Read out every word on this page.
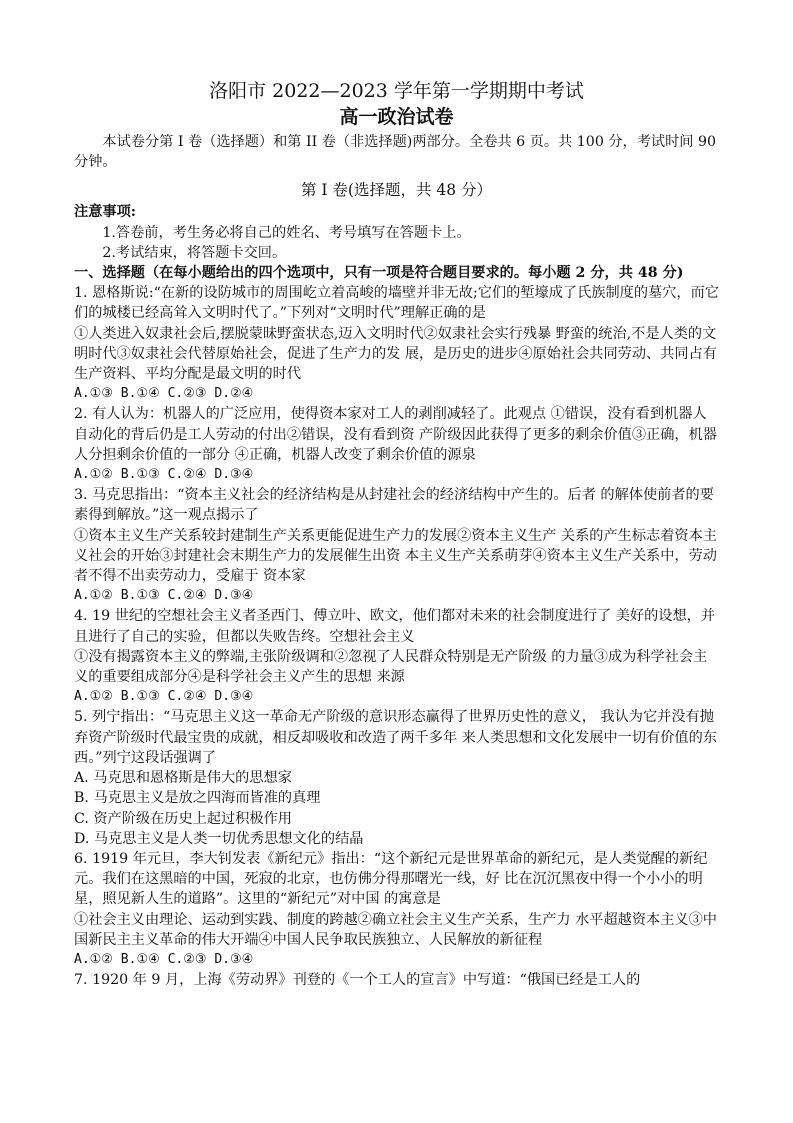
洛阳市 2022—2023 学年第一学期期中考试

高一政治试卷

本试卷分第 I 卷（选择题）和第 II 卷（非选择题)两部分。全卷共 6 页。共 100 分，考试时间 90 分钟。

第 I 卷(选择题，共 48 分）

注意事项:

1.答卷前，考生务必将自己的姓名、考号填写在答题卡上。

2.考试结束，将答题卡交回。

一、选择题（在每小题给出的四个选项中，只有一项是符合题目要求的。每小题 2 分，共 48 分)

1. 恩格斯说:“在新的设防城市的周围屹立着高峻的墙壁并非无故;它们的堑壕成了氏族制度的墓穴，而它们的城楼已经高耸入文明时代了。”下列对“文明时代”理解正确的是

①人类进入奴隶社会后,摆脱蒙昧野蛮状态,迈入文明时代②奴隶社会实行残暴 野蛮的统治,不是人类的文明时代③奴隶社会代替原始社会，促进了生产力的发 展，是历史的进步④原始社会共同劳动、共同占有生产资料、平均分配是最文明的时代

A.①③ B.①④ C.②③ D.②④

2. 有人认为：机器人的广泛应用，使得资本家对工人的剥削减轻了。此观点 ①错误，没有看到机器人自动化的背后仍是工人劳动的付出②错误，没有看到资 产阶级因此获得了更多的剩余价值③正确，机器人分担剩余价值的一部分 ④正确，机器人改变了剩余价值的源泉

A.①② B.①③ C.②④ D.③④

3. 马克思指出：“资本主义社会的经济结构是从封建社会的经济结构中产生的。后者 的解体使前者的要素得到解放。”这一观点揭示了

①资本主义生产关系较封建制生产关系更能促进生产力的发展②资本主义生产 关系的产生标志着资本主义社会的开始③封建社会末期生产力的发展催生出资 本主义生产关系萌芽④资本主义生产关系中，劳动者不得不出卖劳动力，受雇于 资本家

A.①② B.①③ C.②④ D.③④

4. 19 世纪的空想社会主义者圣西门、傅立叶、欧文，他们都对未来的社会制度进行了 美好的设想，并且进行了自己的实验，但都以失败告终。空想社会主义

①没有揭露资本主义的弊端,主张阶级调和②忽视了人民群众特别是无产阶级 的力量③成为科学社会主义的重要组成部分④是科学社会主义产生的思想 来源

A.①② B.①③ C.②④ D.③④

5. 列宁指出：“马克思主义这一革命无产阶级的意识形态赢得了世界历史性的意义， 我认为它并没有抛弃资产阶级时代最宝贵的成就，相反却吸收和改造了两千多年 来人类思想和文化发展中一切有价值的东西。”列宁这段话强调了

A. 马克思和恩格斯是伟大的思想家

B. 马克思主义是放之四海而皆准的真理

C. 资产阶级在历史上起过积极作用

D. 马克思主义是人类一切优秀思想文化的结晶

6. 1919 年元旦，李大钊发表《新纪元》指出：“这个新纪元是世界革命的新纪元，是人类觉醒的新纪元。我们在这黑暗的中国，死寂的北京，也仿佛分得那曙光一线，好 比在沉沉黑夜中得一个小小的明星，照见新人生的道路”。这里的“新纪元”对中国 的寓意是

①社会主义由理论、运动到实践、制度的跨越②确立社会主义生产关系，生产力 水平超越资本主义③中国新民主主义革命的伟大开端④中国人民争取民族独立、人民解放的新征程

A.①② B.①④ C.②③ D.③④

7. 1920 年 9 月，上海《劳动界》刊登的《一个工人的宣言》中写道：“俄国已经是工人的
